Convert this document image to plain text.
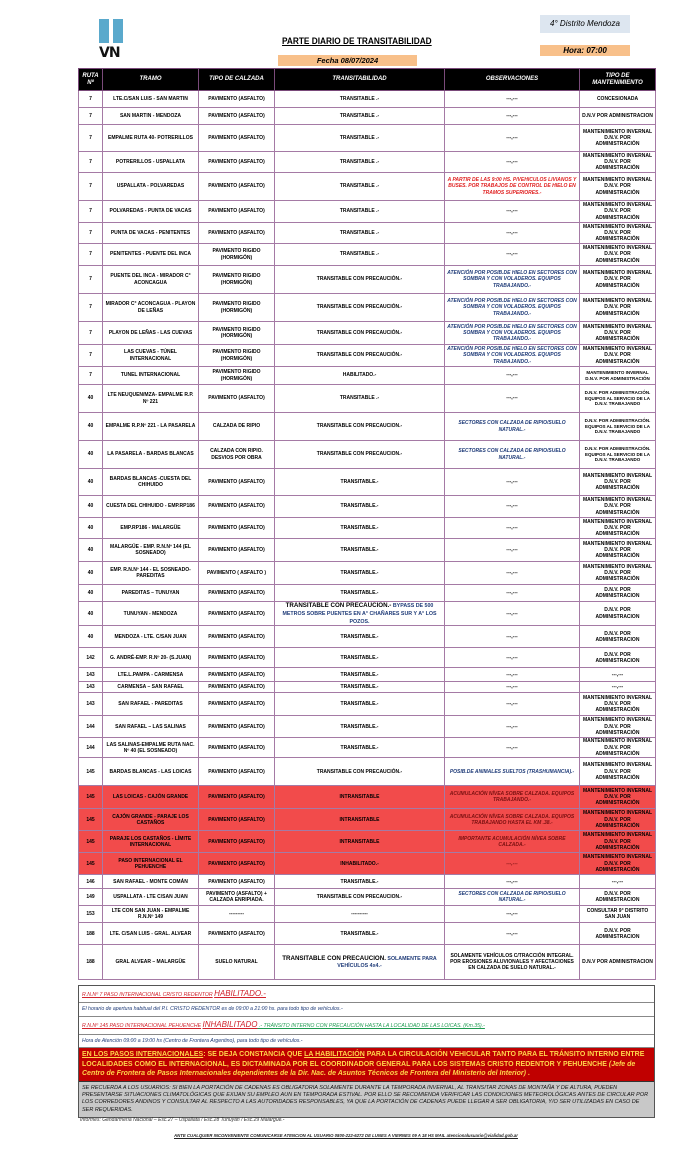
VN
PARTE DIARIO DE TRANSITABILIDAD
4° Distrito Mendoza
Hora: 07:00
Fecha 08/07/2024
RUTA Nº	TRAMO	TIPO DE CALZADA	TRANSITABILIDAD	OBSERVACIONES	TIPO DE MANTENIMIENTO
7	LTE.C/SAN LUIS - SAN MARTIN	PAVIMENTO (ASFALTO)	TRANSITABLE .-	---,---	CONCESIONADA
7	SAN MARTIN - MENDOZA	PAVIMENTO (ASFALTO)	TRANSITABLE .-	---,---	D.N.V POR ADMINISTRACION
7	EMPALME RUTA 40- POTRERILLOS	PAVIMENTO (ASFALTO)	TRANSITABLE .-	---,---	MANTENIMIENTO INVERNAL D.N.V. POR ADMINISTRACIÓN
7	POTRERILLOS - USPALLATA	PAVIMENTO (ASFALTO)	TRANSITABLE .-	---,---	MANTENIMIENTO INVERNAL D.N.V. POR ADMINISTRACIÓN
7	USPALLATA - POLVAREDAS	PAVIMENTO (ASFALTO)	TRANSITABLE .-	A PARTIR DE LAS 9:00 HS. P/VEHICULOS LIVIANOS Y BUSES. POR TRABAJOS DE CONTROL DE HIELO EN TRAMOS SUPERIORES.-	MANTENIMIENTO INVERNAL D.N.V. POR ADMINISTRACIÓN
7	POLVAREDAS - PUNTA DE VACAS	PAVIMENTO (ASFALTO)	TRANSITABLE .-	---,---	MANTENIMIENTO INVERNAL D.N.V. POR ADMINISTRACIÓN
7	PUNTA DE VACAS - PENITENTES	PAVIMENTO (ASFALTO)	TRANSITABLE .-	---,---	MANTENIMIENTO INVERNAL D.N.V. POR ADMINISTRACIÓN
7	PENITENTES - PUENTE DEL INCA	PAVIMENTO RIGIDO (HORMIGÓN)	TRANSITABLE .-	---,---	MANTENIMIENTO INVERNAL D.N.V. POR ADMINISTRACIÓN
7	PUENTE DEL INCA - MIRADOR C° ACONCAGUA	PAVIMENTO RIGIDO (HORMIGÓN)	TRANSITABLE CON PRECAUCIÓN.-	ATENCIÓN POR POSIB.DE HIELO EN SECTORES CON SOMBRA Y CON VOLADEROS. EQUIPOS TRABAJANDO.-	MANTENIMIENTO INVERNAL D.N.V. POR ADMINISTRACIÓN
7	MIRADOR C° ACONCAGUA - PLAYON DE LEÑAS	PAVIMENTO RIGIDO (HORMIGÓN)	TRANSITABLE CON PRECAUCIÓN.-	ATENCIÓN POR POSIB.DE HIELO EN SECTORES CON SOMBRA Y CON VOLADEROS. EQUIPOS TRABAJANDO.-	MANTENIMIENTO INVERNAL D.N.V. POR ADMINISTRACIÓN
7	PLAYON DE LEÑAS - LAS CUEVAS	PAVIMENTO RIGIDO (HORMIGÓN)	TRANSITABLE CON PRECAUCIÓN.-	ATENCIÓN POR POSIB.DE HIELO EN SECTORES CON SOMBRA Y CON VOLADEROS. EQUIPOS TRABAJANDO.-	MANTENIMIENTO INVERNAL D.N.V. POR ADMINISTRACIÓN
7	LAS CUEVAS - TÚNEL INTERNACIONAL	PAVIMENTO RIGIDO (HORMIGÓN)	TRANSITABLE CON PRECAUCIÓN.-	ATENCIÓN POR POSIB.DE HIELO EN SECTORES CON SOMBRA Y CON VOLADEROS. EQUIPOS TRABAJANDO.-	MANTENIMIENTO INVERNAL D.N.V. POR ADMINISTRACIÓN
7	TUNEL INTERNACIONAL	PAVIMENTO RIGIDO (HORMIGÓN)	HABILITADO.-	---,---	MANTENIMIENTO INVERNAL D.N.V. POR ADMINISTRACIÓN
40	LTE NEUQUEN/MZA- EMPALME R.P. Nº 221	PAVIMENTO (ASFALTO)	TRANSITABLE .-	---,---	D.N.V. POR ADMINISTRACIÓN. EQUIPOS AL SERVICIO DE LA D.N.V. TRABAJANDO
40	EMPALME R.P.Nº 221 - LA PASARELA	CALZADA DE RIPIO	TRANSITABLE CON PRECAUCION.-	SECTORES CON CALZADA DE RIPIO/SUELO NATURAL.-	D.N.V. POR ADMINISTRACIÓN. EQUIPOS AL SERVICIO DE LA D.N.V. TRABAJANDO
40	LA PASARELA - BARDAS BLANCAS	CALZADA CON RIPIO. DESVIOS POR OBRA	TRANSITABLE CON PRECAUCION.-	SECTORES CON CALZADA DE RIPIO/SUELO NATURAL.-	D.N.V. POR ADMINISTRACIÓN. EQUIPOS AL SERVICIO DE LA D.N.V. TRABAJANDO
40	BARDAS BLANCAS -CUESTA DEL CHIHUIDO	PAVIMENTO (ASFALTO)	TRANSITABLE.-	---,---	MANTENIMIENTO INVERNAL D.N.V. POR ADMINISTRACIÓN
40	CUESTA DEL CHIHUIDO - EMP.RP186	PAVIMENTO (ASFALTO)	TRANSITABLE.-	---,---	MANTENIMIENTO INVERNAL D.N.V. POR ADMINISTRACIÓN
40	EMP.RP186 - MALARGÜE	PAVIMENTO (ASFALTO)	TRANSITABLE.-	---,---	MANTENIMIENTO INVERNAL D.N.V. POR ADMINISTRACIÓN
40	MALARGÜE - EMP. R.N.Nº 144 (EL SOSNEADO)	PAVIMENTO (ASFALTO)	TRANSITABLE.-	---,---	MANTENIMIENTO INVERNAL D.N.V. POR ADMINISTRACIÓN
40	EMP. R.N.Nº 144 - EL SOSNEADO- PAREDITAS	PAVIMENTO ( ASFALTO )	TRANSITABLE.-	---,---	MANTENIMIENTO INVERNAL D.N.V. POR ADMINISTRACIÓN
40	PAREDITAS – TUNUYAN	PAVIMENTO (ASFALTO)	TRANSITABLE.-	---,---	D.N.V. POR ADMINISTRACION
40	TUNUYAN - MENDOZA	PAVIMENTO (ASFALTO)	TRANSITABLE CON PRECAUCION.- BYPASS DE 500 METROS SOBRE PUENTES EN A° CHAÑARES SUR Y A° LOS POZOS.	---,---	D.N.V. POR ADMINISTRACION
40	MENDOZA - LTE. C/SAN JUAN	PAVIMENTO (ASFALTO)	TRANSITABLE.-	---,---	D.N.V. POR ADMINISTRACION
142	G. ANDRÉ-EMP. R.Nº 20- (S.JUAN)	PAVIMENTO (ASFALTO)	TRANSITABLE.-	---,---	D.N.V. POR ADMINISTRACION
143	LTE.L.PAMPA - CARMENSA	PAVIMENTO (ASFALTO)	TRANSITABLE.-	---,---	---,---
143	CARMENSA – SAN RAFAEL	PAVIMENTO (ASFALTO)	TRANSITABLE.-	---,---	---,---
143	SAN RAFAEL - PAREDITAS	PAVIMENTO (ASFALTO)	TRANSITABLE.-	---,---	MANTENIMIENTO INVERNAL D.N.V. POR ADMINISTRACIÓN
144	SAN RAFAEL – LAS SALINAS	PAVIMENTO (ASFALTO)	TRANSITABLE.-	---,---	MANTENIMIENTO INVERNAL D.N.V. POR ADMINISTRACIÓN
144	LAS SALINAS-EMPALME RUTA NAC. Nº 40 (EL SOSNEADO)	PAVIMENTO (ASFALTO)	TRANSITABLE.-	---,---	MANTENIMIENTO INVERNAL D.N.V. POR ADMINISTRACIÓN
145	BARDAS BLANCAS - LAS LOICAS	PAVIMENTO (ASFALTO)	TRANSITABLE CON PRECAUCIÓN.-	POSIB.DE ANIMALES SUELTOS (TRASHUMANCIA).-	MANTENIMIENTO INVERNAL D.N.V. POR ADMINISTRACIÓN
145	LAS LOICAS - CAJÓN GRANDE	PAVIMENTO (ASFALTO)	INTRANSITABLE	ACUMULACIÓN NÍVEA SOBRE CALZADA. EQUIPOS TRABAJANDO.-	MANTENIMIENTO INVERNAL D.N.V. POR ADMINISTRACIÓN
145	CAJÓN GRANDE - PARAJE LOS CASTAÑOS	PAVIMENTO (ASFALTO)	INTRANSITABLE	ACUMULACIÓN NÍVEA SOBRE CALZADA. EQUIPOS TRABAJANDO HASTA EL KM .38.-	MANTENIMIENTO INVERNAL D.N.V. POR ADMINISTRACIÓN
145	PARAJE LOS CASTAÑOS - LÍMITE INTERNACIONAL	PAVIMENTO (ASFALTO)	INTRANSITABLE	IMPORTANTE ACUMULACIÓN NÍVEA SOBRE CALZADA.-	MANTENIMIENTO INVERNAL D.N.V. POR ADMINISTRACIÓN
145	PASO INTERNACIONAL EL PEHUENCHE	PAVIMENTO (ASFALTO)	INHABILITADO.-	---,---	MANTENIMIENTO INVERNAL D.N.V. POR ADMINISTRACIÓN
146	SAN RAFAEL - MONTE COMÁN	PAVIMENTO (ASFALTO)	TRANSITABLE.-	---,---	---,---
149	USPALLATA - LTE C/SAN JUAN	PAVIMENTO (ASFALTO) + CALZADA ENRIPIADA.	TRANSITABLE CON PRECAUCION.-	SECTORES CON CALZADA DE RIPIO/SUELO NATURAL.-	D.N.V. POR ADMINISTRACION
153	LTE CON SAN JUAN - EMPALME R.N.Nº 149	---------	----------	---,---	CONSULTAR 9° DISTRITO SAN JUAN
188	LTE. C/SAN LUIS - GRAL. ALVEAR	PAVIMENTO (ASFALTO)	TRANSITABLE.-	---,---	D.N.V. POR ADMINISTRACION
188	GRAL ALVEAR – MALARGÜE	SUELO NATURAL	TRANSITABLE CON PRECAUCION. SOLAMENTE PARA VEHÍCULOS 4x4.-	SOLAMENTE VEHÍCULOS C/TRACCIÓN INTEGRAL. POR EROSIONES ALUVIONALES Y AFECTACIONES EN CALZADA DE SUELO NATURAL.-	D.N.V POR ADMINISTRACION
R.N.Nº 7 PASO INTERNACIONAL CRISTO REDENTOR HABILITADO.-
El horario de apertura habitual del P.I. CRISTO REDENTOR es de 09:00 a 21:00 hs. para todo tipo de vehículos.-
R.N.Nº 145 PASO INTERNACIONAL PEHUENCHE INHABILITADO .- TRÁNSITO INTERNO CON PRECAUCIÓN HASTA LA LOCALIDAD DE LAS LOICAS. (Km.35).-
Hora de Atención 09:00 a 19:00 hs (Centro de Frontera Argentino), para todo tipo de vehículos.-
EN LOS PASOS INTERNACIONALES: SE DEJA CONSTANCIA QUE LA HABILITACIÓN PARA LA CIRCULACIÓN VEHICULAR TANTO PARA EL TRÁNSITO INTERNO ENTRE LOCALIDADES COMO EL INTERNACIONAL, ES DICTAMINADA POR EL COORDINADOR GENERAL PARA LOS SISTEMAS CRISTO REDENTOR Y PEHUENCHE (Jefe de Centro de Frontera de Pasos Internacionales dependientes de la Dir. Nac. de Asuntos Técnicos de Frontera del Ministerio del Interior) .
SE RECUERDA A LOS USUARIOS: SI BIEN LA PORTACIÓN DE CADENAS ES OBLIGATORIA SOLAMENTE DURANTE LA TEMPORADA INVERNAL, AL TRANSITAR ZONAS DE MONTAÑA Y DE ALTURA, PUEDEN PRESENTARSE SITUACIONES CLIMATOLÓGICAS QUE EXIJAN SU EMPLEO AUN EN TEMPORADA ESTIVAL. POR ELLO SE RECOMIENDA VERIFICAR LAS CONDICIONES METEOROLÓGICAS ANTES DE CIRCULAR POR LOS CORREDORES ANDINOS Y CONSULTAR AL RESPECTO A LAS AUTORIDADES RESPONSABLES, YA QUE LA PORTACIÓN DE CADENAS PUEDE LLEGAR A SER OBLIGATORIA, Y/O SER UTILIZADAS EN CASO DE SER REQUERIDAS.
Informes: Gendarmería Nacional – Esc.27 – Uspallata / Esc.28 Tunuyán / Esc.29 Malargüe.-
ANTE CUALQUIER INCONVENIENTE COMUNICARSE ATENCION AL USUARIO 0800-222-6272 DE LUNES A VIERNES 09 A 18 HS MAIL atencionalusuario@vialidad.gob.ar
